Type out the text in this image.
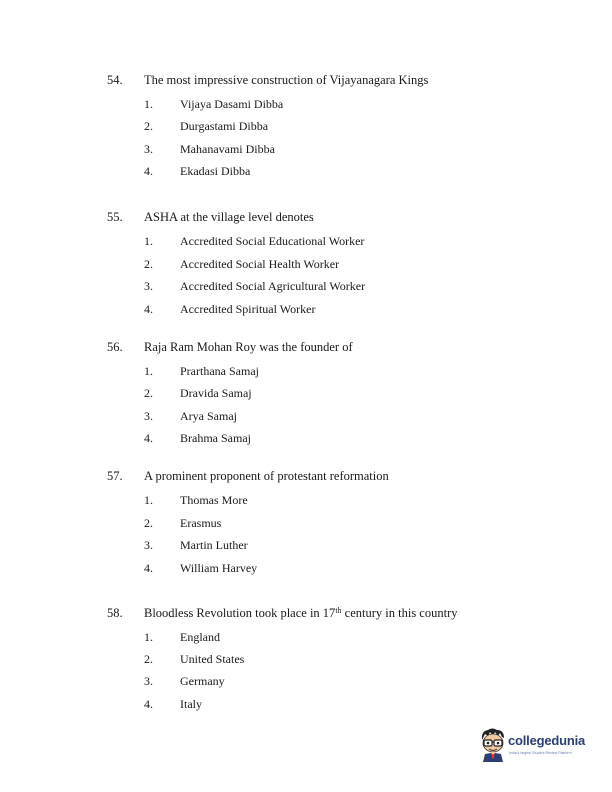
54. The most impressive construction of Vijayanagara Kings
1. Vijaya Dasami Dibba
2. Durgastami Dibba
3. Mahanavami Dibba
4. Ekadasi Dibba
55. ASHA at the village level denotes
1. Accredited Social Educational Worker
2. Accredited Social Health Worker
3. Accredited Social Agricultural Worker
4. Accredited Spiritual Worker
56. Raja Ram Mohan Roy was the founder of
1. Prarthana Samaj
2. Dravida Samaj
3. Arya Samaj
4. Brahma Samaj
57. A prominent proponent of protestant reformation
1. Thomas More
2. Erasmus
3. Martin Luther
4. William Harvey
58. Bloodless Revolution took place in 17th century in this country
1. England
2. United States
3. Germany
4. Italy
collegedunia
India's largest Student Review Platform
